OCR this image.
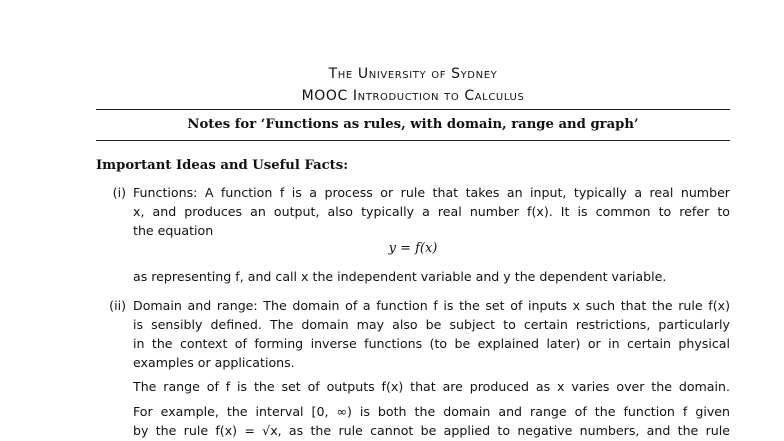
The University of Sydney
MOOC Introduction to Calculus
Notes for ‘Functions as rules, with domain, range and graph’
Important Ideas and Useful Facts:
(i) Functions: A function f is a process or rule that takes an input, typically a real number
x, and produces an output, also typically a real number f(x). It is common to refer to
the equation
y = f(x)
as representing f, and call x the independent variable and y the dependent variable.
(ii) Domain and range: The domain of a function f is the set of inputs x such that the rule f(x)
is sensibly defined. The domain may also be subject to certain restrictions, particularly
in the context of forming inverse functions (to be explained later) or in certain physical
examples or applications.
The range of f is the set of outputs f(x) that are produced as x varies over the domain.
For example, the interval [0, ∞) is both the domain and range of the function f given
by the rule f(x) = √x, as the rule cannot be applied to negative numbers, and the rule
